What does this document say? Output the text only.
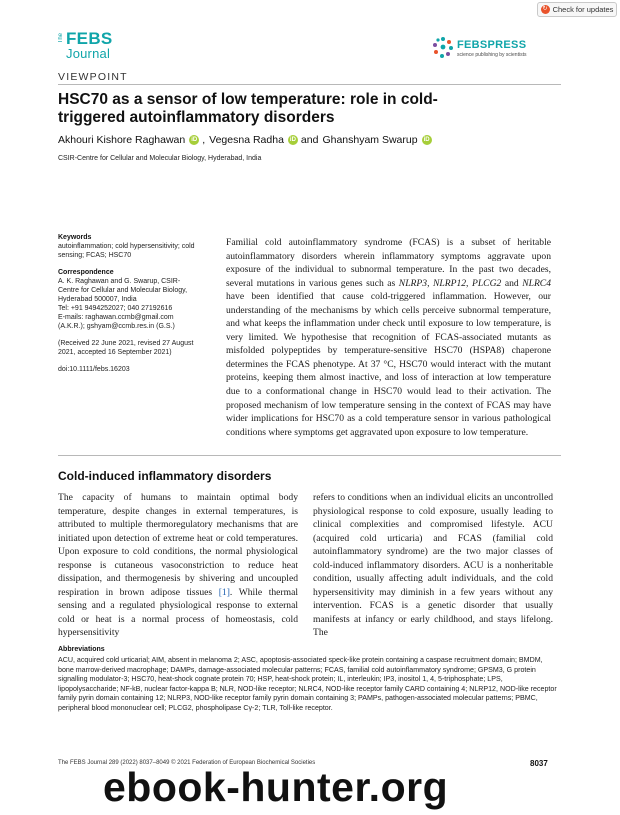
↻ Check for updates
The FEBS
Journal
FEBSPRESS
science publishing by scientists
VIEWPOINT
HSC70 as a sensor of low temperature: role in cold-triggered autoinflammatory disorders
Akhouri Kishore Raghawan	iD , Vegesna Radha	iD and Ghanshyam Swarup	iD
CSIR-Centre for Cellular and Molecular Biology, Hyderabad, India
Keywords
autoinflammation; cold hypersensitivity; cold sensing; FCAS; HSC70
Correspondence
A. K. Raghawan and G. Swarup, CSIR-
Centre for Cellular and Molecular Biology,
Hyderabad 500007, India
Tel: +91 9494252027; 040 27192616
E-mails: raghawan.ccmb@gmail.com
(A.K.R.); gshyam@ccmb.res.in (G.S.)
(Received 22 June 2021, revised 27 August
2021, accepted 16 September 2021)
doi:10.1111/febs.16203

Familial cold autoinflammatory syndrome (FCAS) is a subset of heritable autoinflammatory disorders wherein inflammatory symptoms aggravate upon exposure of the individual to subnormal temperature. In the past two decades, several mutations in various genes such as NLRP3, NLRP12, PLCG2 and NLRC4 have been identified that cause cold-triggered inflammation. However, our understanding of the mechanisms by which cells perceive subnormal temperature, and what keeps the inflammation under check until exposure to low temperature, is very limited. We hypothesise that recognition of FCAS-associated mutants as misfolded polypeptides by temperature-sensitive HSC70 (HSPA8) chaperone determines the FCAS phenotype. At 37 °C, HSC70 would interact with the mutant proteins, keeping them almost inactive, and loss of interaction at low temperature due to a conformational change in HSC70 would lead to their activation. The proposed mechanism of low temperature sensing in the context of FCAS may have wider implications for HSC70 as a cold temperature sensor in various pathological conditions where symptoms get aggravated upon exposure to low temperature.

Cold-induced inflammatory disorders

The capacity of humans to maintain optimal body temperature, despite changes in external temperatures, is attributed to multiple thermoregulatory mechanisms that are initiated upon detection of extreme heat or cold temperatures. Upon exposure to cold conditions, the normal physiological response is cutaneous vasoconstriction to reduce heat dissipation, and thermogenesis by shivering and uncoupled respiration in brown adipose tissues [1]. While thermal sensing and a regulated physiological response to external cold or heat is a normal process of homeostasis, cold hypersensitivity

refers to conditions when an individual elicits an uncontrolled physiological response to cold exposure, usually leading to clinical complexities and compromised lifestyle. ACU (acquired cold urticaria) and FCAS (familial cold autoinflammatory syndrome) are the two major classes of cold-induced inflammatory disorders. ACU is a nonheritable condition, usually affecting adult individuals, and the cold hypersensitivity may diminish in a few years without any intervention. FCAS is a genetic disorder that usually manifests at infancy or early childhood, and stays lifelong. The

Abbreviations
ACU, acquired cold urticarial; AIM, absent in melanoma 2; ASC, apoptosis-associated speck-like protein containing a caspase recruitment domain; BMDM, bone marrow-derived macrophage; DAMPs, damage-associated molecular patterns; FCAS, familial cold autoinflammatory syndrome; GPSM3, G protein signalling modulator-3; HSC70, heat-shock cognate protein 70; HSP, heat-shock protein; IL, interleukin; IP3, inositol 1, 4, 5-triphosphate; LPS, lipopolysaccharide; NF-kB, nuclear factor-kappa B; NLR, NOD-like receptor; NLRC4, NOD-like receptor family CARD containing 4; NLRP12, NOD-like receptor family pyrin domain containing 12; NLRP3, NOD-like receptor family pyrin domain containing 3; PAMPs, pathogen-associated molecular patterns; PBMC, peripheral blood mononuclear cell; PLCG2, phospholipase Cγ-2; TLR, Toll-like receptor.
The FEBS Journal 289 (2022) 8037–8049 © 2021 Federation of European Biochemical Societies	8037
ebook-hunter.org
